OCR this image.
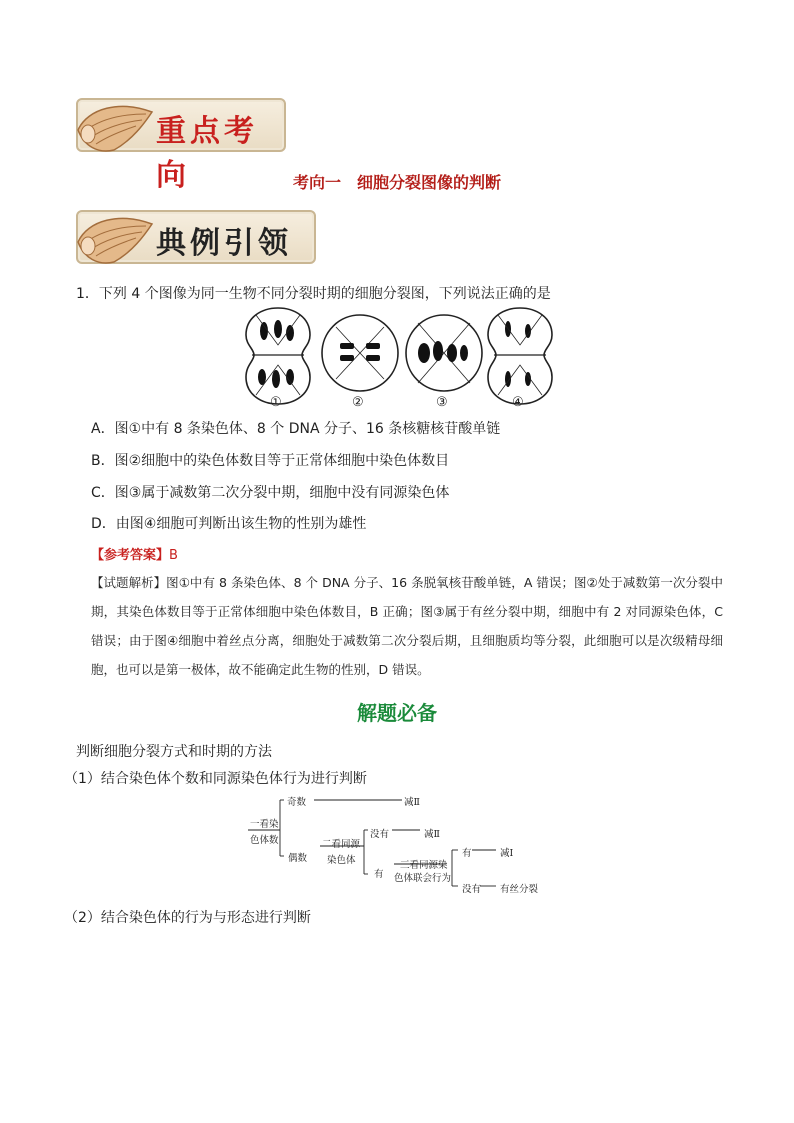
重点考向	考向一　细胞分裂图像的判断
典例引领
1．下列 4 个图像为同一生物不同分裂时期的细胞分裂图，下列说法正确的是
①	②	③	④
A．图①中有 8 条染色体、8 个 DNA 分子、16 条核糖核苷酸单链
B．图②细胞中的染色体数目等于正常体细胞中染色体数目
C．图③属于减数第二次分裂中期，细胞中没有同源染色体
D．由图④细胞可判断出该生物的性别为雄性
【参考答案】B
【试题解析】图①中有 8 条染色体、8 个 DNA 分子、16 条脱氧核苷酸单链，A 错误；图②处于减数第一次分裂中期，其染色体数目等于正常体细胞中染色体数目，B 正确；图③属于有丝分裂中期，细胞中有 2 对同源染色体，C 错误；由于图④细胞中着丝点分离，细胞处于减数第二次分裂后期，且细胞质均等分裂，此细胞可以是次级精母细胞，也可以是第一极体，故不能确定此生物的性别，D 错误。
解题必备
判断细胞分裂方式和时期的方法
（1）结合染色体个数和同源染色体行为进行判断
一看染
色体数
奇数	减Ⅱ
偶数
二看同源
染色体
没有	减Ⅱ
有
三看同源染
色体联会行为
有	减Ⅰ
没有 有丝分裂
（2）结合染色体的行为与形态进行判断
